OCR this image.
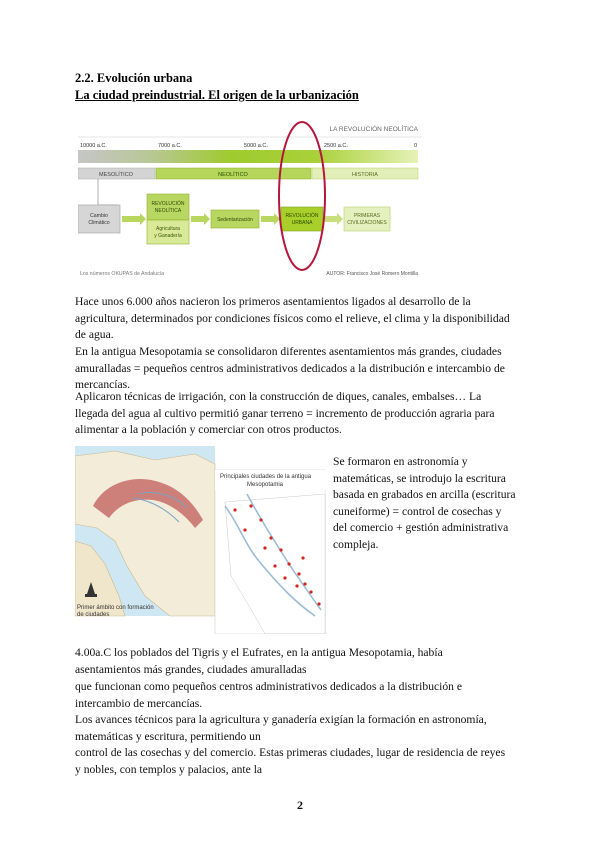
2.2. Evolución urbana
La ciudad preindustrial. El origen de la urbanización
LA REVOLUCIÓN NEOLÍTICA
10000 a.C.	7000 a.C.	5000 a.C.	2500 a.C.	0
MESOLÍTICO	NEOLÍTICO	HISTORIA
Cambio
Climático
REVOLUCIÓN
NEOLÍTICA
Agricultura
y Ganadería
Sedentarización
REVOLUCIÓN
URBANA
PRIMERAS
CIVILIZACIONES
Los números OKUPAS de Andalucía	AUTOR: Francisco José Romero Montilla
Hace unos 6.000 años nacieron los primeros asentamientos ligados al desarrollo de la
agricultura, determinados por condiciones físicos como el relieve, el clima y la disponibilidad
de agua.
En la antigua Mesopotamia se consolidaron diferentes asentamientos más grandes, ciudades
amuralladas = pequeños centros administrativos dedicados a la distribución e intercambio de
mercancías.
Aplicaron técnicas de irrigación, con la construcción de diques, canales, embalses… La
llegada del agua al cultivo permitió ganar terreno = incremento de producción agraria para
alimentar a la población y comerciar con otros productos.
Primer ámbito con formación
de ciudades
Principales ciudades de la antigua
Mesopotamia
Se formaron en astronomía y
matemáticas, se introdujo la escritura
basada en grabados en arcilla (escritura
cuneiforme) = control de cosechas y
del comercio + gestión administrativa
compleja.
4.00a.C los poblados del Tigris y el Eufrates, en la antigua Mesopotamia, había
asentamientos más grandes, ciudades amuralladas
que funcionan como pequeños centros administrativos dedicados a la distribución e
intercambio de mercancías.
Los avances técnicos para la agricultura y ganadería exigían la formación en astronomía,
matemáticas y escritura, permitiendo un
control de las cosechas y del comercio. Estas primeras ciudades, lugar de residencia de reyes
y nobles, con templos y palacios, ante la
2
